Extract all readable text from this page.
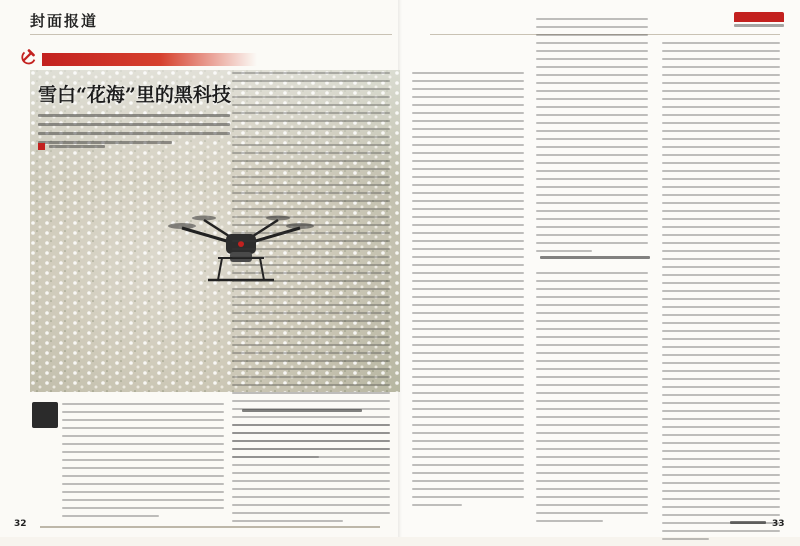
封面报道
雪白“花海”里的黑科技
32	33
